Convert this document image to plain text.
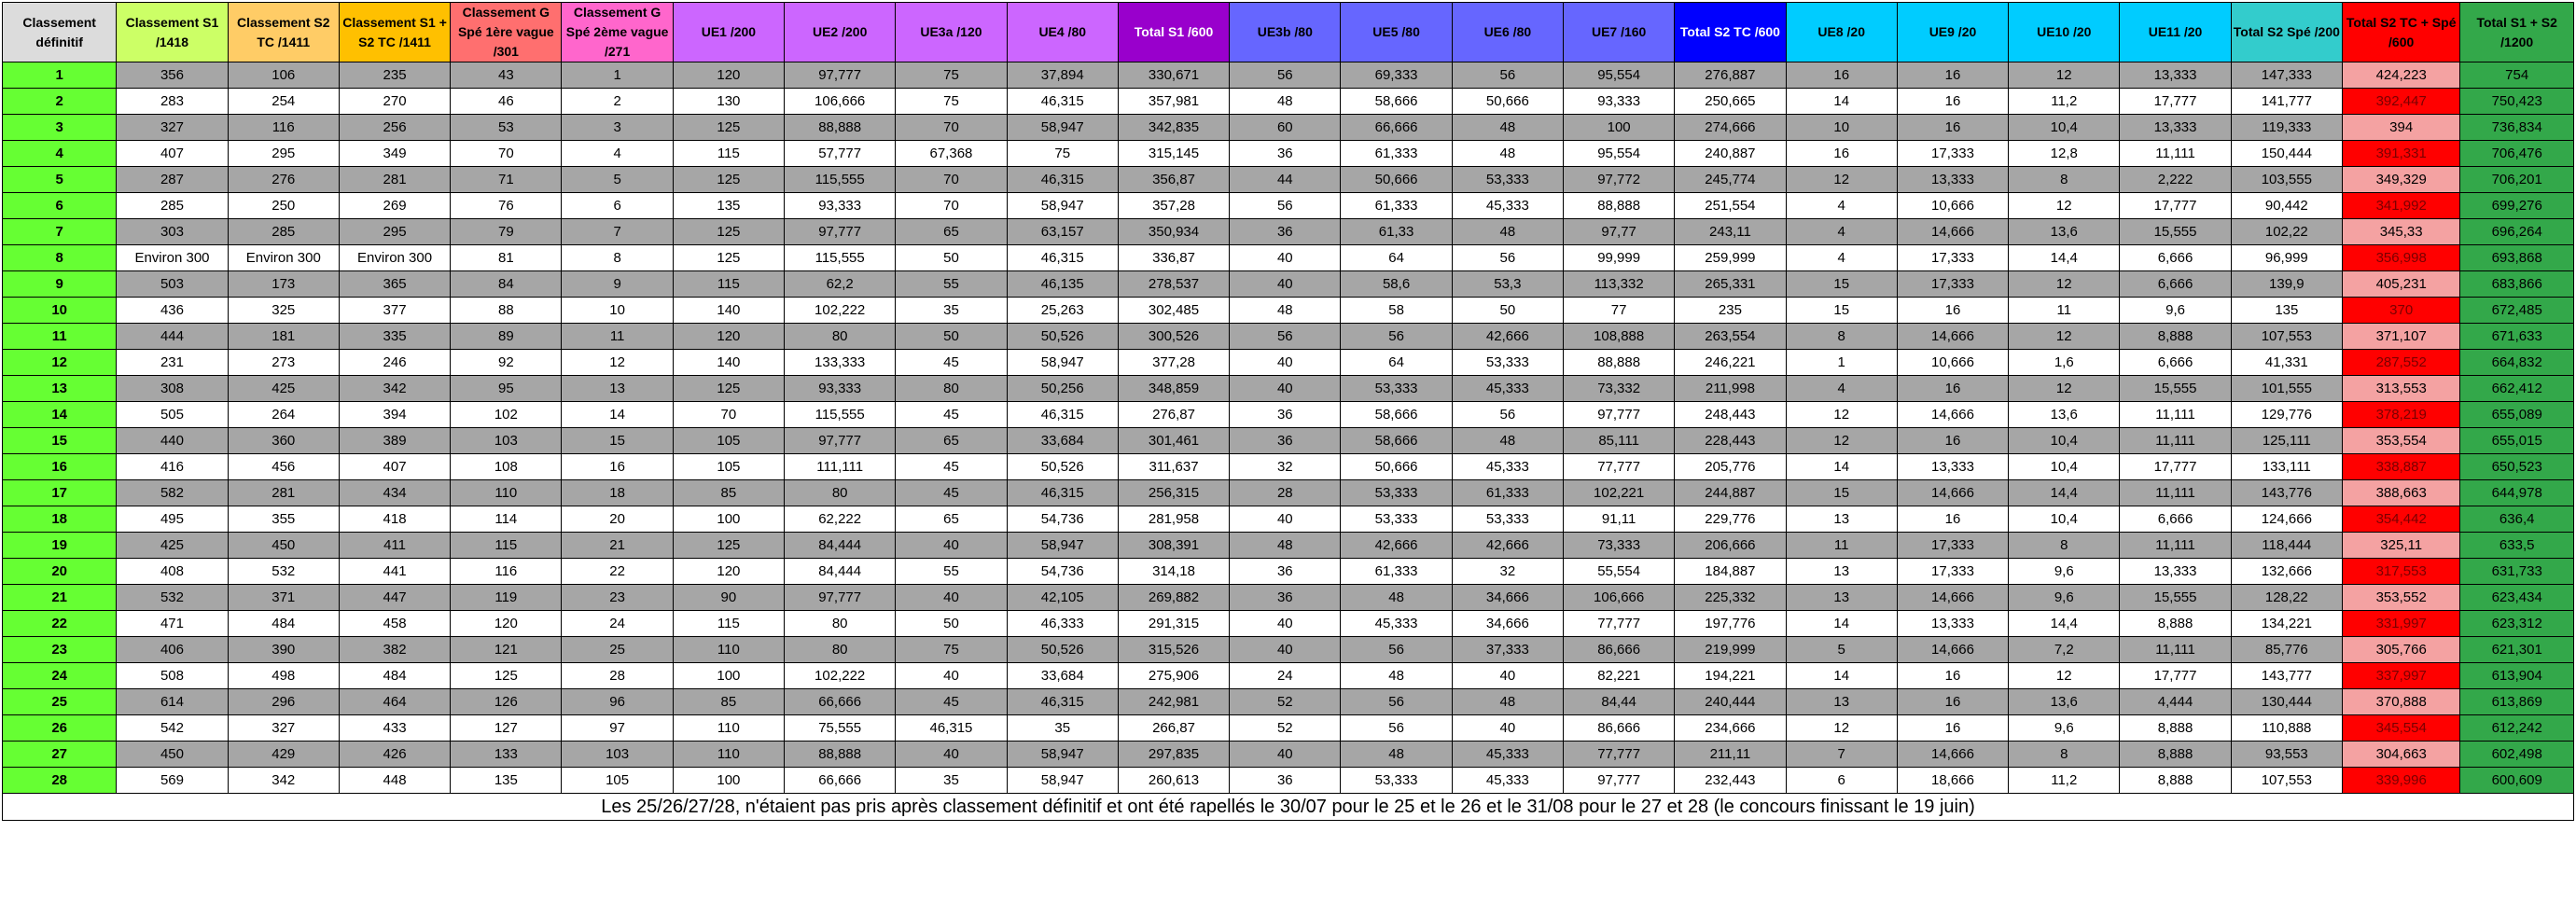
Classement définitif	Classement S1 /1418	Classement S2 TC /1411	Classement S1 + S2 TC /1411	Classement G Spé 1ère vague /301	Classement G Spé 2ème vague /271	UE1 /200	UE2 /200	UE3a /120	UE4 /80	Total S1 /600	UE3b /80	UE5 /80	UE6 /80	UE7 /160	Total S2 TC /600	UE8 /20	UE9 /20	UE10 /20	UE11 /20	Total S2 Spé /200	Total S2 TC + Spé /600	Total S1 + S2 /1200
1	356	106	235	43	1	120	97,777	75	37,894	330,671	56	69,333	56	95,554	276,887	16	16	12	13,333	147,333	424,223	754
2	283	254	270	46	2	130	106,666	75	46,315	357,981	48	58,666	50,666	93,333	250,665	14	16	11,2	17,777	141,777	392,447	750,423
3	327	116	256	53	3	125	88,888	70	58,947	342,835	60	66,666	48	100	274,666	10	16	10,4	13,333	119,333	394	736,834
4	407	295	349	70	4	115	57,777	67,368	75	315,145	36	61,333	48	95,554	240,887	16	17,333	12,8	11,111	150,444	391,331	706,476
5	287	276	281	71	5	125	115,555	70	46,315	356,87	44	50,666	53,333	97,772	245,774	12	13,333	8	2,222	103,555	349,329	706,201
6	285	250	269	76	6	135	93,333	70	58,947	357,28	56	61,333	45,333	88,888	251,554	4	10,666	12	17,777	90,442	341,992	699,276
7	303	285	295	79	7	125	97,777	65	63,157	350,934	36	61,33	48	97,77	243,11	4	14,666	13,6	15,555	102,22	345,33	696,264
8	Environ 300	Environ 300	Environ 300	81	8	125	115,555	50	46,315	336,87	40	64	56	99,999	259,999	4	17,333	14,4	6,666	96,999	356,998	693,868
9	503	173	365	84	9	115	62,2	55	46,135	278,537	40	58,6	53,3	113,332	265,331	15	17,333	12	6,666	139,9	405,231	683,866
10	436	325	377	88	10	140	102,222	35	25,263	302,485	48	58	50	77	235	15	16	11	9,6	135	370	672,485
11	444	181	335	89	11	120	80	50	50,526	300,526	56	56	42,666	108,888	263,554	8	14,666	12	8,888	107,553	371,107	671,633
12	231	273	246	92	12	140	133,333	45	58,947	377,28	40	64	53,333	88,888	246,221	1	10,666	1,6	6,666	41,331	287,552	664,832
13	308	425	342	95	13	125	93,333	80	50,256	348,859	40	53,333	45,333	73,332	211,998	4	16	12	15,555	101,555	313,553	662,412
14	505	264	394	102	14	70	115,555	45	46,315	276,87	36	58,666	56	97,777	248,443	12	14,666	13,6	11,111	129,776	378,219	655,089
15	440	360	389	103	15	105	97,777	65	33,684	301,461	36	58,666	48	85,111	228,443	12	16	10,4	11,111	125,111	353,554	655,015
16	416	456	407	108	16	105	111,111	45	50,526	311,637	32	50,666	45,333	77,777	205,776	14	13,333	10,4	17,777	133,111	338,887	650,523
17	582	281	434	110	18	85	80	45	46,315	256,315	28	53,333	61,333	102,221	244,887	15	14,666	14,4	11,111	143,776	388,663	644,978
18	495	355	418	114	20	100	62,222	65	54,736	281,958	40	53,333	53,333	91,11	229,776	13	16	10,4	6,666	124,666	354,442	636,4
19	425	450	411	115	21	125	84,444	40	58,947	308,391	48	42,666	42,666	73,333	206,666	11	17,333	8	11,111	118,444	325,11	633,5
20	408	532	441	116	22	120	84,444	55	54,736	314,18	36	61,333	32	55,554	184,887	13	17,333	9,6	13,333	132,666	317,553	631,733
21	532	371	447	119	23	90	97,777	40	42,105	269,882	36	48	34,666	106,666	225,332	13	14,666	9,6	15,555	128,22	353,552	623,434
22	471	484	458	120	24	115	80	50	46,333	291,315	40	45,333	34,666	77,777	197,776	14	13,333	14,4	8,888	134,221	331,997	623,312
23	406	390	382	121	25	110	80	75	50,526	315,526	40	56	37,333	86,666	219,999	5	14,666	7,2	11,111	85,776	305,766	621,301
24	508	498	484	125	28	100	102,222	40	33,684	275,906	24	48	40	82,221	194,221	14	16	12	17,777	143,777	337,997	613,904
25	614	296	464	126	96	85	66,666	45	46,315	242,981	52	56	48	84,44	240,444	13	16	13,6	4,444	130,444	370,888	613,869
26	542	327	433	127	97	110	75,555	46,315	35	266,87	52	56	40	86,666	234,666	12	16	9,6	8,888	110,888	345,554	612,242
27	450	429	426	133	103	110	88,888	40	58,947	297,835	40	48	45,333	77,777	211,11	7	14,666	8	8,888	93,553	304,663	602,498
28	569	342	448	135	105	100	66,666	35	58,947	260,613	36	53,333	45,333	97,777	232,443	6	18,666	11,2	8,888	107,553	339,996	600,609
Les 25/26/27/28, n'étaient pas pris après classement définitif et ont été rapellés le 30/07 pour le 25 et le 26 et le 31/08 pour le 27 et 28 (le concours finissant le 19 juin)
